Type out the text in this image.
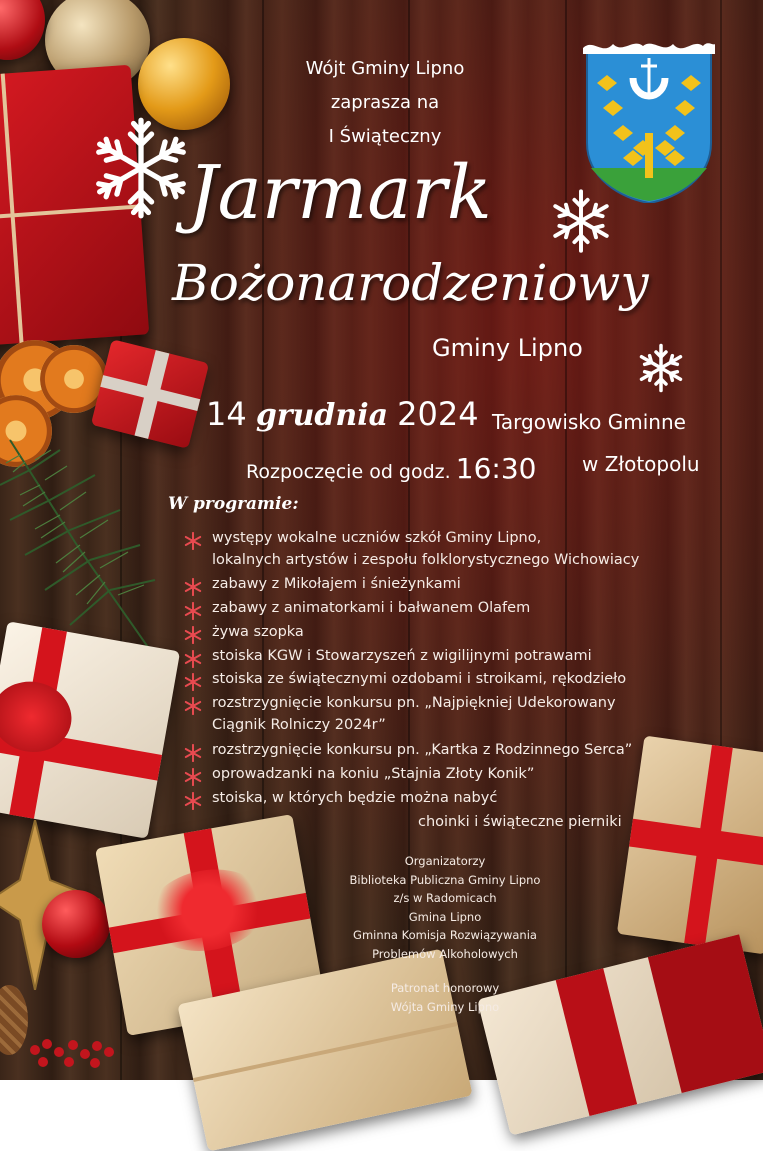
Wójt Gminy Lipno
zaprasza na
I Świąteczny
Jarmark
Bożonarodzeniowy
Gminy Lipno
14 grudnia 2024 Targowisko Gminne
w Złotopolu
Rozpoczęcie od godz. 16:30
W programie:
występy wokalne uczniów szkół Gminy Lipno,
lokalnych artystów i zespołu folklorystycznego Wichowiacy
zabawy z Mikołajem i śnieżynkami
zabawy z animatorkami i bałwanem Olafem
żywa szopka
stoiska KGW i Stowarzyszeń z wigilijnymi potrawami
stoiska ze świątecznymi ozdobami i stroikami, rękodzieło
rozstrzygnięcie konkursu pn. „Najpiękniej Udekorowany
Ciągnik Rolniczy 2024r”
rozstrzygnięcie konkursu pn. „Kartka z Rodzinnego Serca”
oprowadzanki na koniu „Stajnia Złoty Konik”
stoiska, w których będzie można nabyć
choinki i świąteczne pierniki
Organizatorzy
Biblioteka Publiczna Gminy Lipno
z/s w Radomicach
Gmina Lipno
Gminna Komisja Rozwiązywania
Problemów Alkoholowych
Patronat honorowy
Wójta Gminy Lipno
